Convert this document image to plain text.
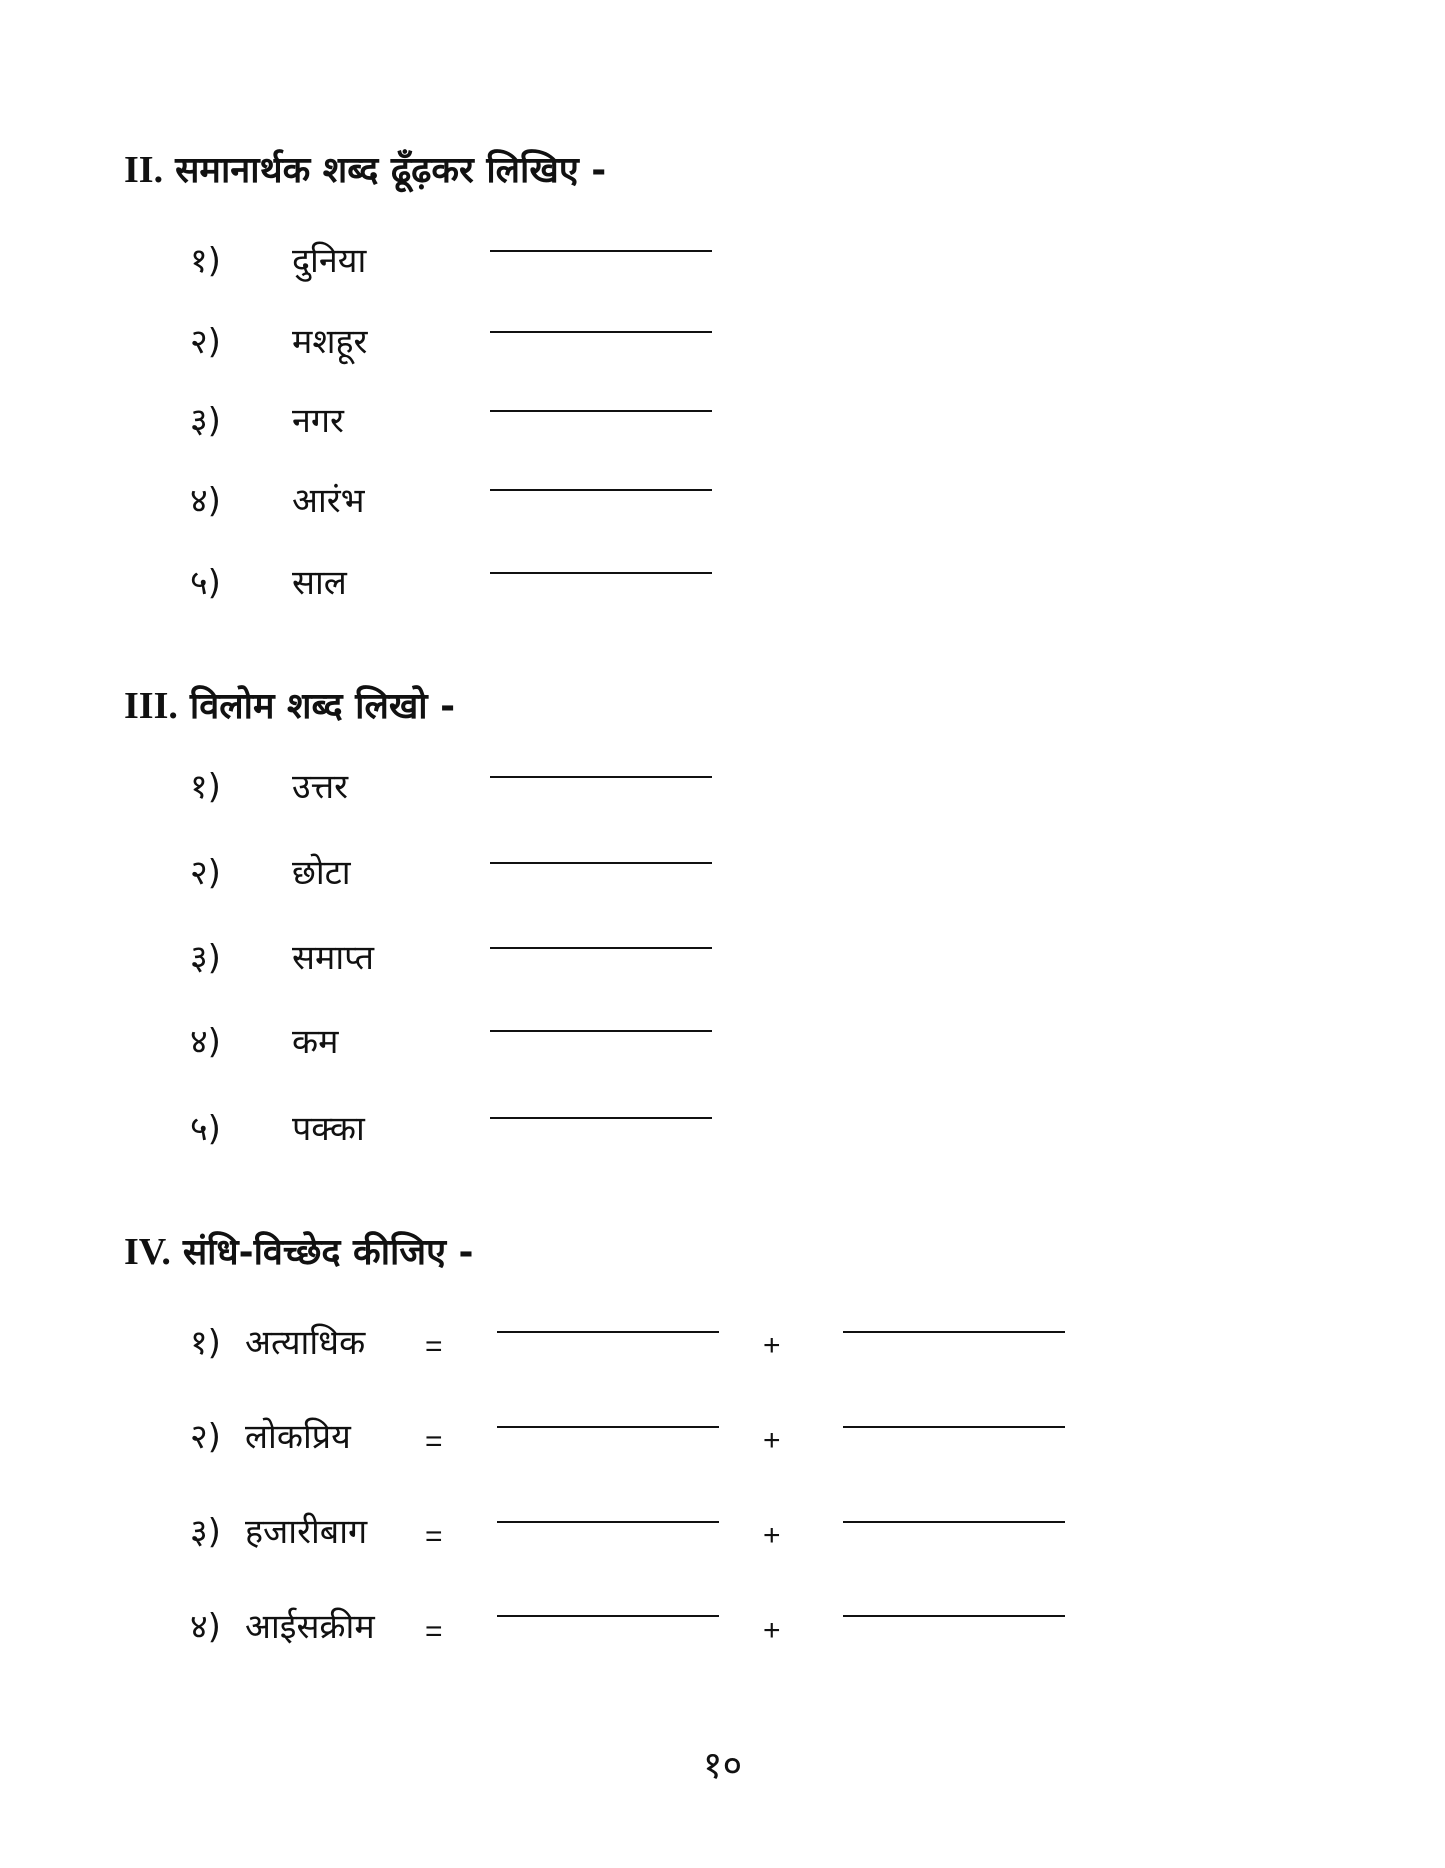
II. समानार्थक शब्द ढूँढ़कर लिखिए -
१) दुनिया
२) मशहूर
३) नगर
४) आरंभ
५) साल
III. विलोम शब्द लिखो -
१) उत्तर
२) छोटा
३) समाप्त
४) कम
५) पक्का
IV. संधि-विच्छेद कीजिए -
१) अत्याधिक =	+
२) लोकप्रिय =	+
३) हजारीबाग =	+
४) आईसक्रीम =	+
१०
